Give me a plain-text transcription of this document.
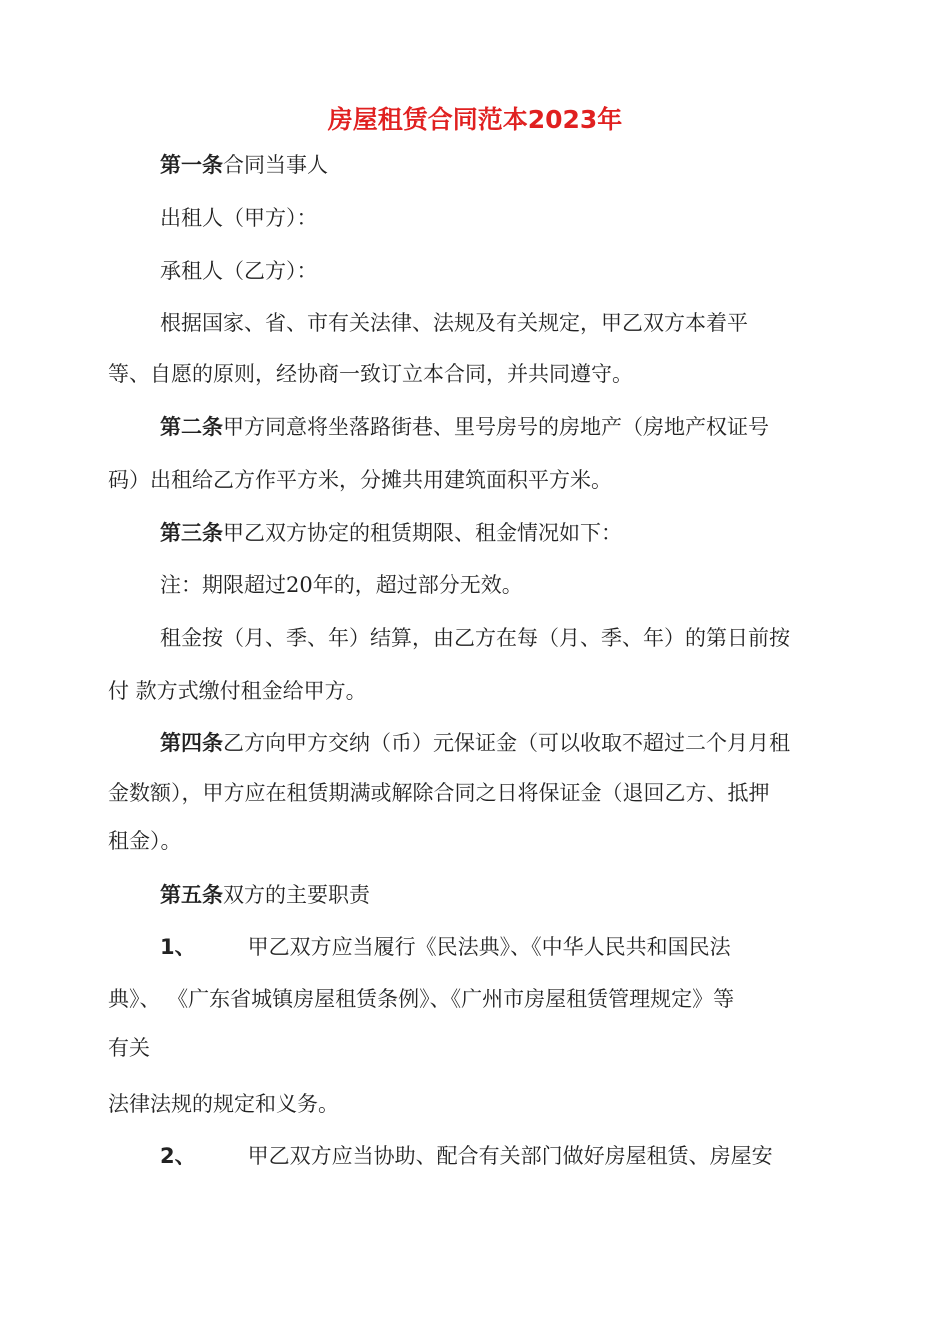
房屋租赁合同范本2023年
第一条合同当事人
出租人（甲方）：
承租人（乙方）：
根据国家、省、市有关法律、法规及有关规定，甲乙双方本着平
等、自愿的原则，经协商一致订立本合同，并共同遵守。
第二条甲方同意将坐落路街巷、里号房号的房地产（房地产权证号
码）出租给乙方作平方米，分摊共用建筑面积平方米。
第三条甲乙双方协定的租赁期限、租金情况如下：
注：期限超过20年的，超过部分无效。
租金按（月、季、年）结算，由乙方在每（月、季、年）的第日前按
付 款方式缴付租金给甲方。
第四条乙方向甲方交纳（币）元保证金（可以收取不超过二个月月租
金数额），甲方应在租赁期满或解除合同之日将保证金（退回乙方、抵押
租金）。
第五条双方的主要职责
1、 甲乙双方应当履行《民法典》、《中华人民共和国民法
典》、 《广东省城镇房屋租赁条例》、《广州市房屋租赁管理规定》等
有关
法律法规的规定和义务。
2、 甲乙双方应当协助、配合有关部门做好房屋租赁、房屋安
